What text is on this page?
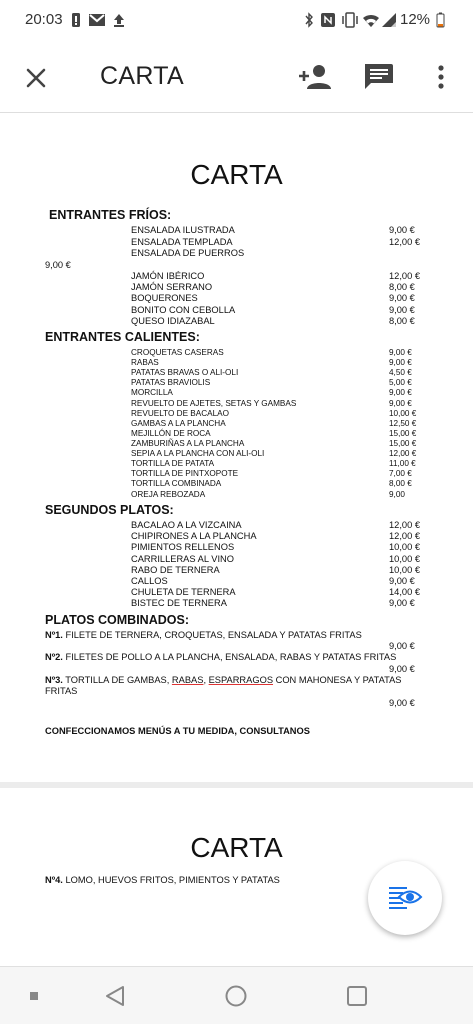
20:03	12%
CARTA
CARTA
ENTRANTES FRÍOS:
ENSALADA ILUSTRADA	9,00 €
ENSALADA TEMPLADA	12,00 €
ENSALADA DE PUERROS
9,00 €
JAMÓN IBÉRICO	12,00 €
JAMÓN SERRANO	8,00 €
BOQUERONES	9,00 €
BONITO CON CEBOLLA	9,00 €
QUESO IDIAZABAL	8,00 €
ENTRANTES CALIENTES:
CROQUETAS CASERAS	9,00 €
RABAS	9,00 €
PATATAS BRAVAS O ALI-OLI	4,50 €
PATATAS BRAVIOLIS	5,00 €
MORCILLA	9,00 €
REVUELTO DE AJETES, SETAS Y GAMBAS	9,00 €
REVUELTO DE BACALAO	10,00 €
GAMBAS A LA PLANCHA	12,50 €
MEJILLÓN DE ROCA	15,00 €
ZAMBURIÑAS A LA PLANCHA	15,00 €
SEPIA A LA PLANCHA CON ALI-OLI	12,00 €
TORTILLA DE PATATA	11,00 €
TORTILLA DE PINTXOPOTE	7,00 €
TORTILLA COMBINADA	8,00 €
OREJA REBOZADA	9,00
SEGUNDOS PLATOS:
BACALAO A LA VIZCAINA	12,00 €
CHIPIRONES A LA PLANCHA	12,00 €
PIMIENTOS RELLENOS	10,00 €
CARRILLERAS AL VINO	10,00 €
RABO DE TERNERA	10,00 €
CALLOS	9,00 €
CHULETA DE TERNERA	14,00 €
BISTEC DE TERNERA	9,00 €
PLATOS COMBINADOS:
Nº1. FILETE DE TERNERA, CROQUETAS, ENSALADA Y PATATAS FRITAS
9,00 €
Nº2. FILETES DE POLLO A LA PLANCHA, ENSALADA, RABAS Y PATATAS FRITAS
9,00 €
Nº3. TORTILLA DE GAMBAS, RABAS, ESPARRAGOS CON MAHONESA Y PATATAS FRITAS
9,00 €
CONFECCIONAMOS MENÚS A TU MEDIDA, CONSULTANOS
CARTA
Nº4. LOMO, HUEVOS FRITOS, PIMIENTOS Y PATATAS
